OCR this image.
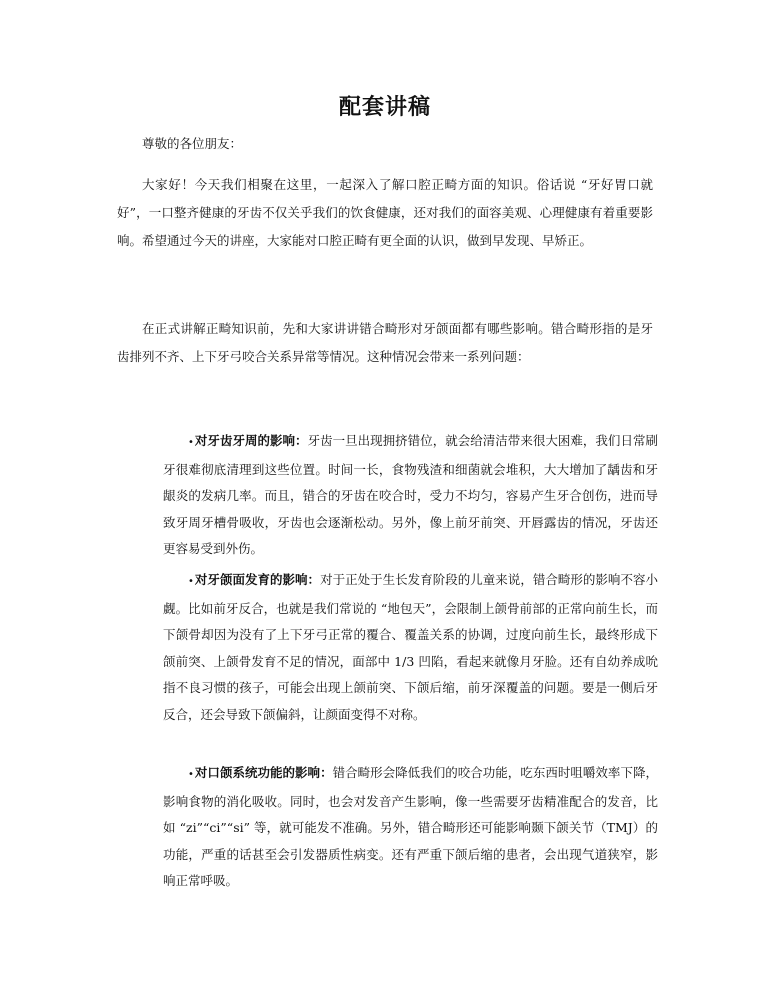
配套讲稿
尊敬的各位朋友：
大家好！今天我们相聚在这里，一起深入了解口腔正畸方面的知识。俗话说 “牙好胃口就好”，一口整齐健康的牙齿不仅关乎我们的饮食健康，还对我们的面容美观、心理健康有着重要影响。希望通过今天的讲座，大家能对口腔正畸有更全面的认识，做到早发现、早矫正。
在正式讲解正畸知识前，先和大家讲讲错合畸形对牙颌面都有哪些影响。错合畸形指的是牙齿排列不齐、上下牙弓咬合关系异常等情况。这种情况会带来一系列问题：
•对牙齿牙周的影响：牙齿一旦出现拥挤错位，就会给清洁带来很大困难，我们日常刷牙很难彻底清理到这些位置。时间一长，食物残渣和细菌就会堆积，大大增加了龋齿和牙龈炎的发病几率。而且，错合的牙齿在咬合时，受力不均匀，容易产生牙合创伤，进而导致牙周牙槽骨吸收，牙齿也会逐渐松动。另外，像上前牙前突、开唇露齿的情况，牙齿还更容易受到外伤。
•对牙颌面发育的影响：对于正处于生长发育阶段的儿童来说，错合畸形的影响不容小觑。比如前牙反合，也就是我们常说的 “地包天”，会限制上颌骨前部的正常向前生长，而下颌骨却因为没有了上下牙弓正常的覆合、覆盖关系的协调，过度向前生长，最终形成下颌前突、上颌骨发育不足的情况，面部中 1/3 凹陷，看起来就像月牙脸。还有自幼养成吮指不良习惯的孩子，可能会出现上颌前突、下颌后缩，前牙深覆盖的问题。要是一侧后牙反合，还会导致下颌偏斜，让颜面变得不对称。
•对口颌系统功能的影响：错合畸形会降低我们的咬合功能，吃东西时咀嚼效率下降，影响食物的消化吸收。同时，也会对发音产生影响，像一些需要牙齿精准配合的发音，比如 “zi”“ci”“si” 等，就可能发不准确。另外，错合畸形还可能影响颞下颌关节（TMJ）的功能，严重的话甚至会引发器质性病变。还有严重下颌后缩的患者，会出现气道狭窄，影响正常呼吸。
